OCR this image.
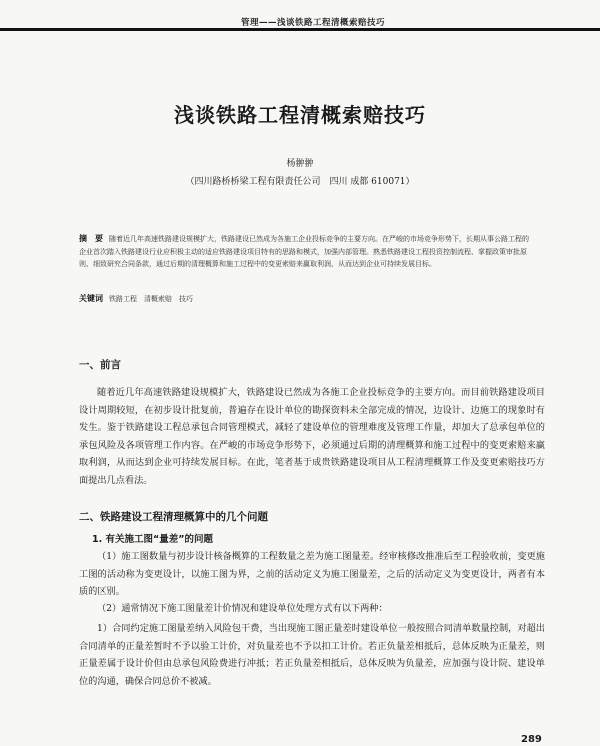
管理——浅谈铁路工程清概索赔技巧
浅谈铁路工程清概索赔技巧
杨翀翀
（四川路桥桥梁工程有限责任公司　四川 成都 610071）
摘　要 随着近几年高速铁路建设规模扩大，铁路建设已然成为各施工企业投标竞争的主要方向。在严峻的市场竞争形势下，长期从事公路工程的企业首次踏入铁路建设行业应积极主动的适应铁路建设项目特有的思路和模式，加强内部管理。熟悉铁路建设工程投资控制流程、掌握政策审批原则、细致研究合同条款，通过后期的清理概算和施工过程中的变更索赔来赢取利润，从而达到企业可持续发展目标。
关键词 铁路工程　清概索赔　技巧
一、前言
随着近几年高速铁路建设规模扩大，铁路建设已然成为各施工企业投标竞争的主要方向。而目前铁路建设项目设计周期较短，在初步设计批复前，普遍存在设计单位的勘探资料未全部完成的情况，边设计、边施工的现象时有发生。鉴于铁路建设工程总承包合同管理模式，减轻了建设单位的管理难度及管理工作量，却加大了总承包单位的承包风险及各项管理工作内容。在严峻的市场竞争形势下，必须通过后期的清理概算和施工过程中的变更索赔来赢取利润，从而达到企业可持续发展目标。在此，笔者基于成贵铁路建设项目从工程清理概算工作及变更索赔技巧方面提出几点看法。
二、铁路建设工程清理概算中的几个问题
1. 有关施工图“量差”的问题
（1）施工图数量与初步设计核备概算的工程数量之差为施工图量差。经审核修改推准后至工程验收前，变更施工图的活动称为变更设计，以施工图为界，之前的活动定义为施工图量差，之后的活动定义为变更设计，两者有本质的区别。
（2）通常情况下施工图量差计价情况和建设单位处理方式有以下两种：
1）合同约定施工图量差纳入风险包干费，当出现施工图正量差时建设单位一般按照合同清单数量控制，对超出合同清单的正量差暂时不予以验工计价，对负量差也不予以扣工计价。若正负量差相抵后，总体反映为正量差，则正量差属于设计价但由总承包风险费进行冲抵；若正负量差相抵后，总体反映为负量差，应加强与设计院、建设单位的沟通，确保合同总价不被减。
289
